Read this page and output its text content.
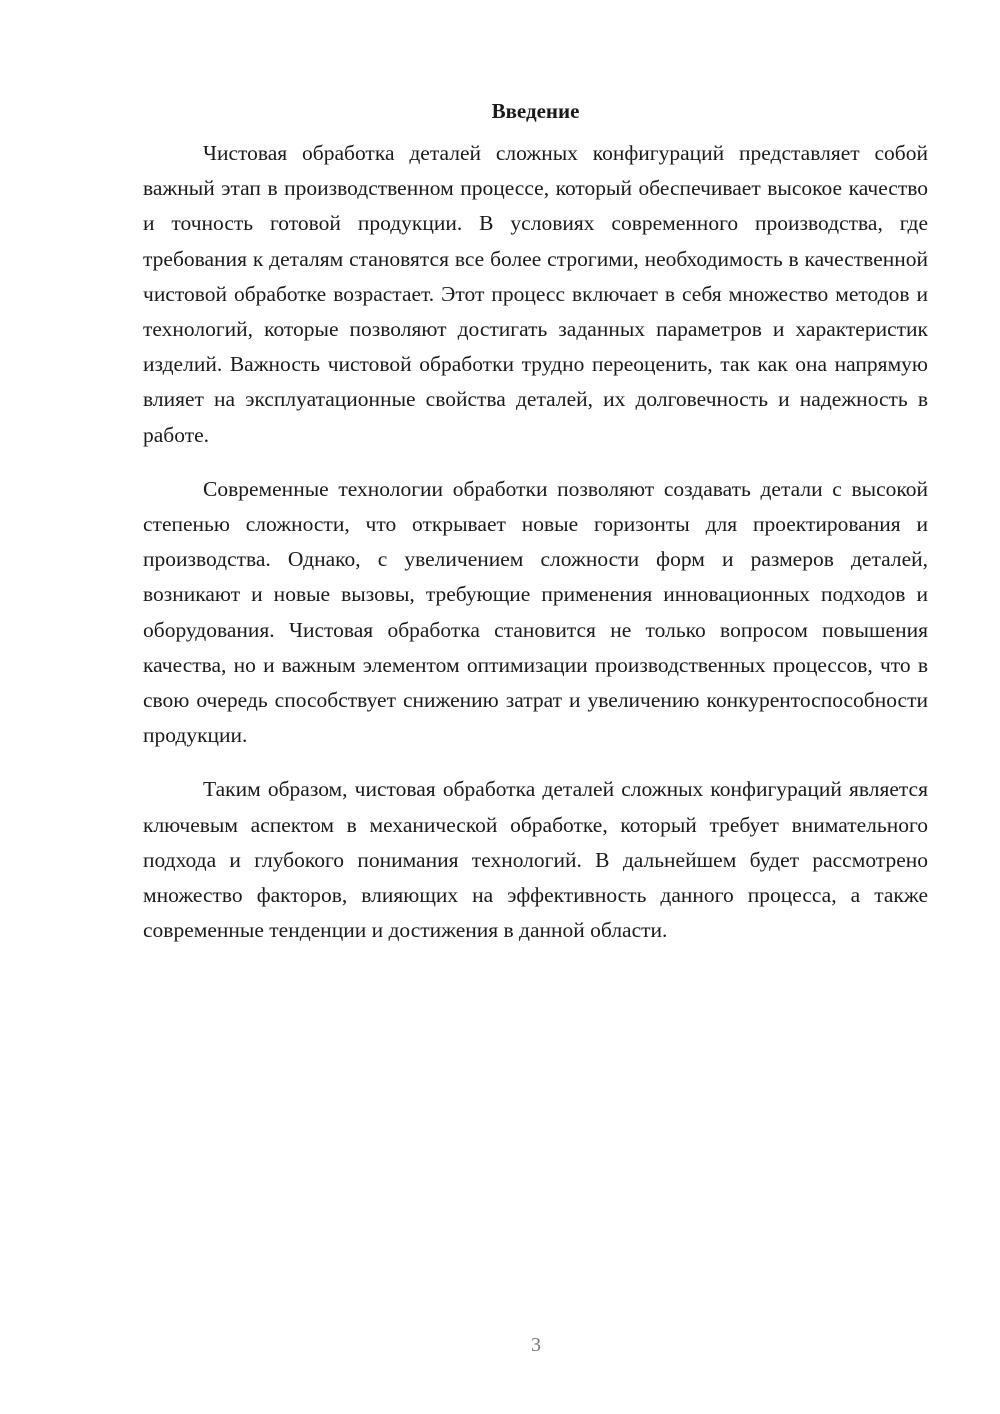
Введение

Чистовая обработка деталей сложных конфигураций представляет собой важный этап в производственном процессе, который обеспечивает высокое качество и точность готовой продукции. В условиях современного производства, где требования к деталям становятся все более строгими, необходимость в качественной чистовой обработке возрастает. Этот процесс включает в себя множество методов и технологий, которые позволяют достигать заданных параметров и характеристик изделий. Важность чистовой обработки трудно переоценить, так как она напрямую влияет на эксплуатационные свойства деталей, их долговечность и надежность в работе.

Современные технологии обработки позволяют создавать детали с высокой степенью сложности, что открывает новые горизонты для проектирования и производства. Однако, с увеличением сложности форм и размеров деталей, возникают и новые вызовы, требующие применения инновационных подходов и оборудования. Чистовая обработка становится не только вопросом повышения качества, но и важным элементом оптимизации производственных процессов, что в свою очередь способствует снижению затрат и увеличению конкурентоспособности продукции.

Таким образом, чистовая обработка деталей сложных конфигураций является ключевым аспектом в механической обработке, который требует внимательного подхода и глубокого понимания технологий. В дальнейшем будет рассмотрено множество факторов, влияющих на эффективность данного процесса, а также современные тенденции и достижения в данной области.

3
